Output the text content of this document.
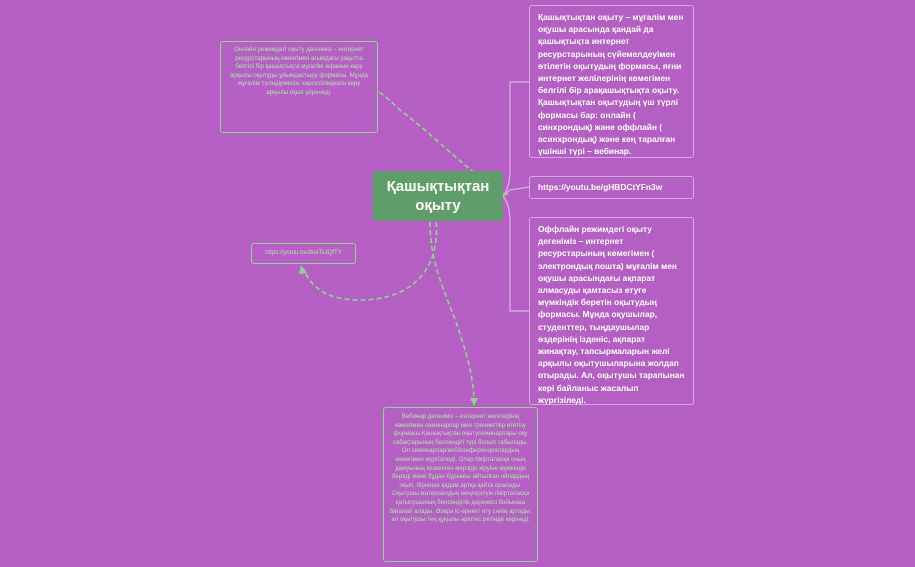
Қашықтықтан оқыту
Қашықтықтан оқыту – мұғалім мен оқушы арасында қандай да қашықтықта интернет ресурстарының сүйемелдеуімен өтілетін оқытудың формасы, яғни интернет желілерінің көмегімен белгілі бір арақашықтықта оқыту. Қашықтықтан оқытудың үш түрлі формасы бар: онлайн ( синхрондық) және оффлайн ( асинхрондық) және кең таралған үшінші түрі – вебинар.
https://youtu.be/gHBDCtYFn3w
Оффлайн режимдегі оқыту дегеніміз – интернет ресурстарының көмегімен ( электрондық пошта) мұғалім мен оқушы арасындағы ақпарат алмасуды қамтасыз етуге мүмкіндік беретін оқытудың формасы. Мұнда оқушылар, студенттер, тыңдаушылар өздерінің ізденіс, ақпарат жинақтау, тапсырмаларын желі арқылы оқытушыларына жолдап отырады. Ал, оқытушы тарапынан кері байланыс жасалып жүргізіледі.
Онлайн режимдегі оқыту дегеніміз – интернет ресурстарының көмегімен ағымдағы уақытта белгілі бір қашықтықта мұғалім экранын көру арқылы оқытуды ұйымдастыру формасы. Мұнда мұғалім түсіндірмесін, көрсетілімдерін көру арқылы оқып үйренеді.
https://youtu.be/IbsITsJQfTY
Вебинар дегеніміз – интернет желілерінің көмегімен семинарлар мен тренингтер өтетізу формасы.Қашықтықтан оқытусеминарлары оқу сабақтарының бөлсендігі түрі болып табылады. Ол семинарлар/веб/конференциялардың көмегімен жүргізіледі. Олар пікірталасқа оның дамуының кезкелген мерзіде хіруіне мүмкіндік береді және бұдан бұрынғы айтылған ойлардың оқып, бірнеше қадам артқа қайта оралады. Оқытушы материалдың меңгерілуін пікірталасқа қатысушының белсенділік дәрежесі бойынша бағалай алады. Әзара іс-әрекет ету сәнің артады, ал оқытушы тең құқылы әріптес ретінде көрінеді.
